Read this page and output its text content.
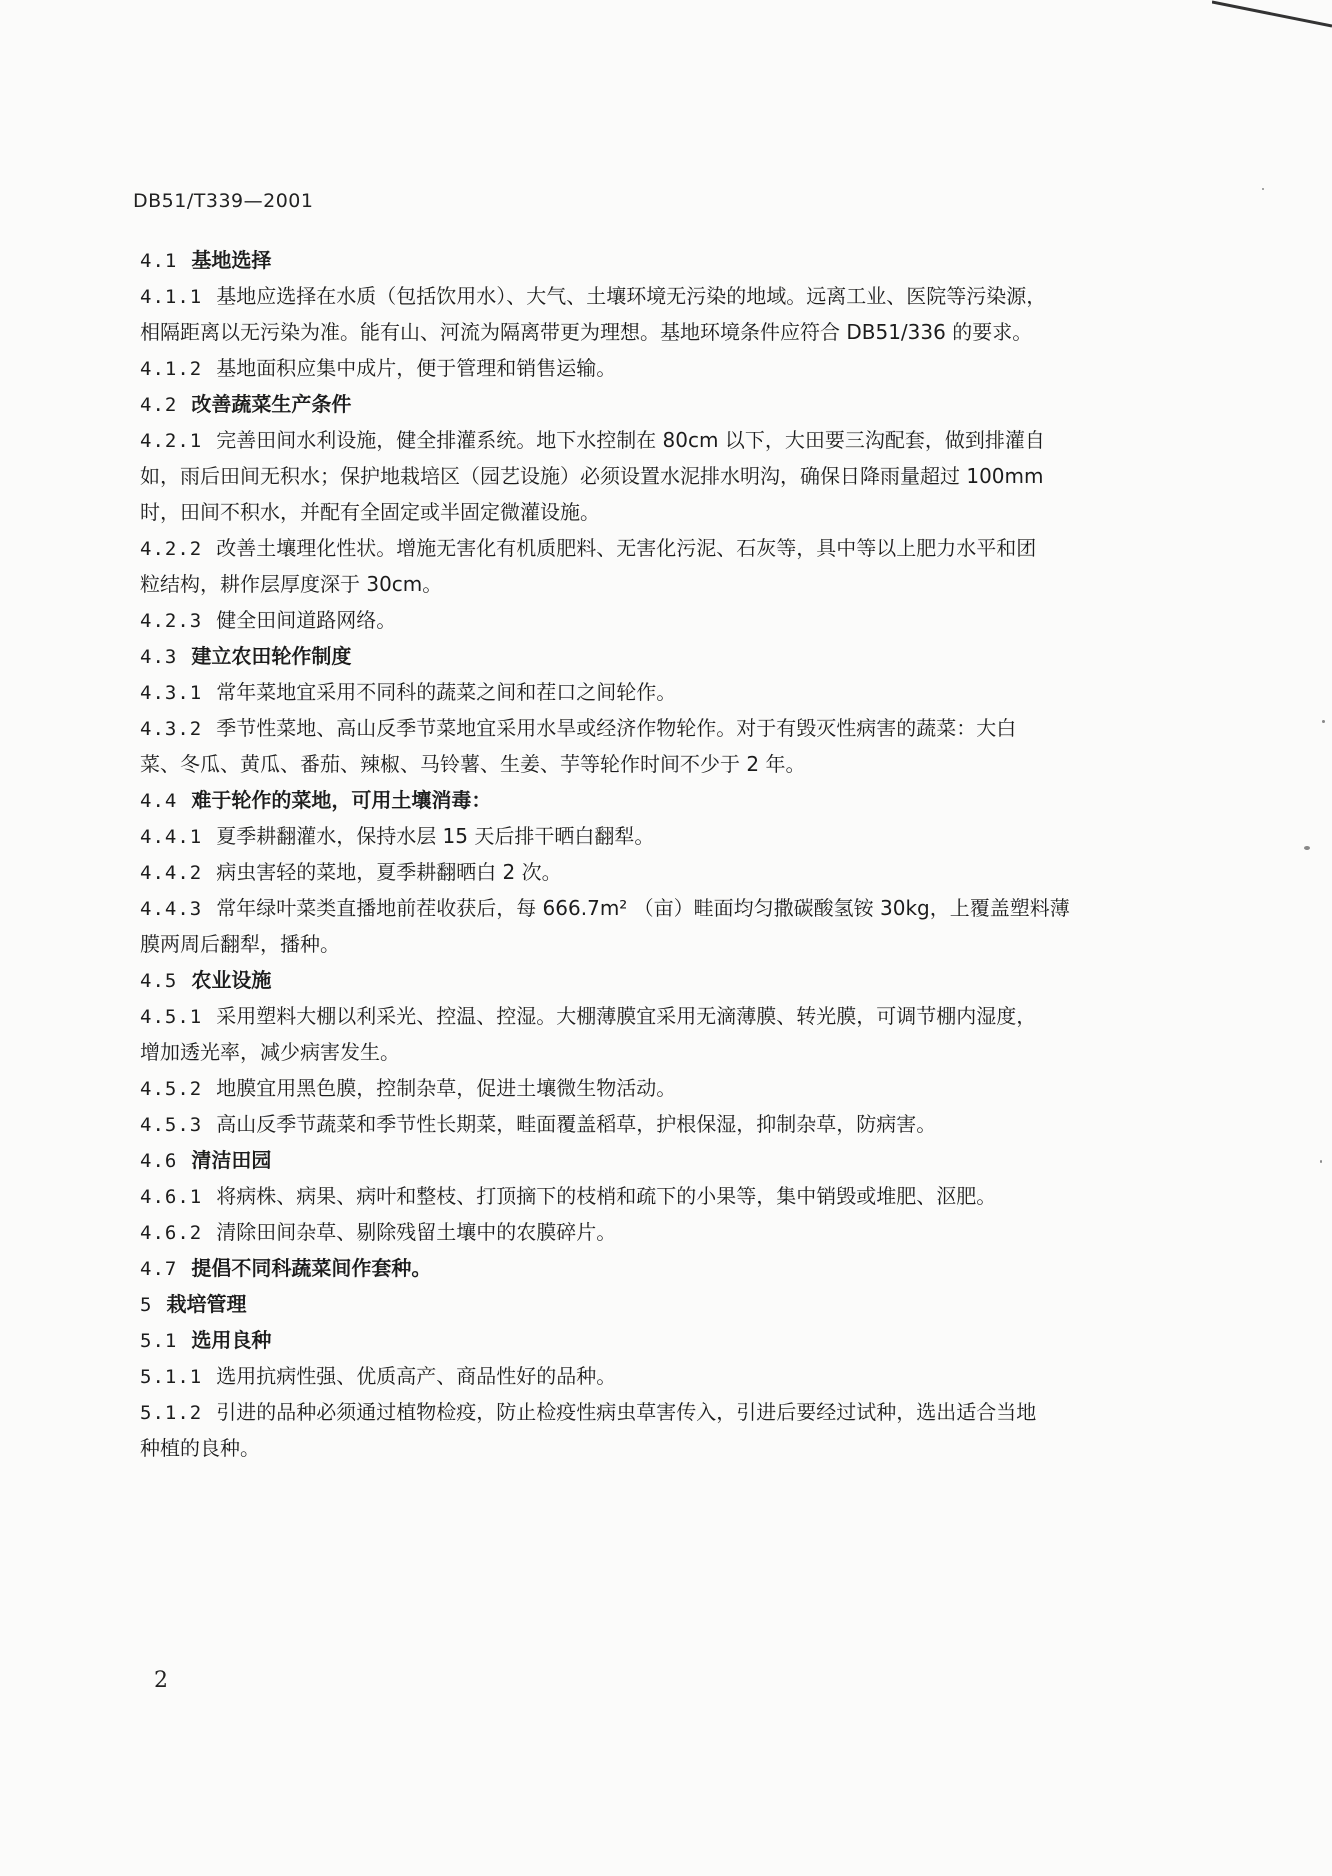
DB51/T339—2001
4.1 基地选择
4.1.1 基地应选择在水质（包括饮用水）、大气、土壤环境无污染的地域。远离工业、医院等污染源，
相隔距离以无污染为准。能有山、河流为隔离带更为理想。基地环境条件应符合 DB51/336 的要求。
4.1.2 基地面积应集中成片，便于管理和销售运输。
4.2 改善蔬菜生产条件
4.2.1 完善田间水利设施，健全排灌系统。地下水控制在 80cm 以下，大田要三沟配套，做到排灌自
如，雨后田间无积水；保护地栽培区（园艺设施）必须设置水泥排水明沟，确保日降雨量超过 100mm
时，田间不积水，并配有全固定或半固定微灌设施。
4.2.2 改善土壤理化性状。增施无害化有机质肥料、无害化污泥、石灰等，具中等以上肥力水平和团
粒结构，耕作层厚度深于 30cm。
4.2.3 健全田间道路网络。
4.3 建立农田轮作制度
4.3.1 常年菜地宜采用不同科的蔬菜之间和茬口之间轮作。
4.3.2 季节性菜地、高山反季节菜地宜采用水旱或经济作物轮作。对于有毁灭性病害的蔬菜：大白
菜、冬瓜、黄瓜、番茄、辣椒、马铃薯、生姜、芋等轮作时间不少于 2 年。
4.4 难于轮作的菜地，可用土壤消毒：
4.4.1 夏季耕翻灌水，保持水层 15 天后排干晒白翻犁。
4.4.2 病虫害轻的菜地，夏季耕翻晒白 2 次。
4.4.3 常年绿叶菜类直播地前茬收获后，每 666.7m² （亩）畦面均匀撒碳酸氢铵 30kg，上覆盖塑料薄
膜两周后翻犁，播种。
4.5 农业设施
4.5.1 采用塑料大棚以利采光、控温、控湿。大棚薄膜宜采用无滴薄膜、转光膜，可调节棚内湿度，
增加透光率，减少病害发生。
4.5.2 地膜宜用黑色膜，控制杂草，促进土壤微生物活动。
4.5.3 高山反季节蔬菜和季节性长期菜，畦面覆盖稻草，护根保湿，抑制杂草，防病害。
4.6 清洁田园
4.6.1 将病株、病果、病叶和整枝、打顶摘下的枝梢和疏下的小果等，集中销毁或堆肥、沤肥。
4.6.2 清除田间杂草、剔除残留土壤中的农膜碎片。
4.7 提倡不同科蔬菜间作套种。
5 栽培管理
5.1 选用良种
5.1.1 选用抗病性强、优质高产、商品性好的品种。
5.1.2 引进的品种必须通过植物检疫，防止检疫性病虫草害传入，引进后要经过试种，选出适合当地
种植的良种。
2
